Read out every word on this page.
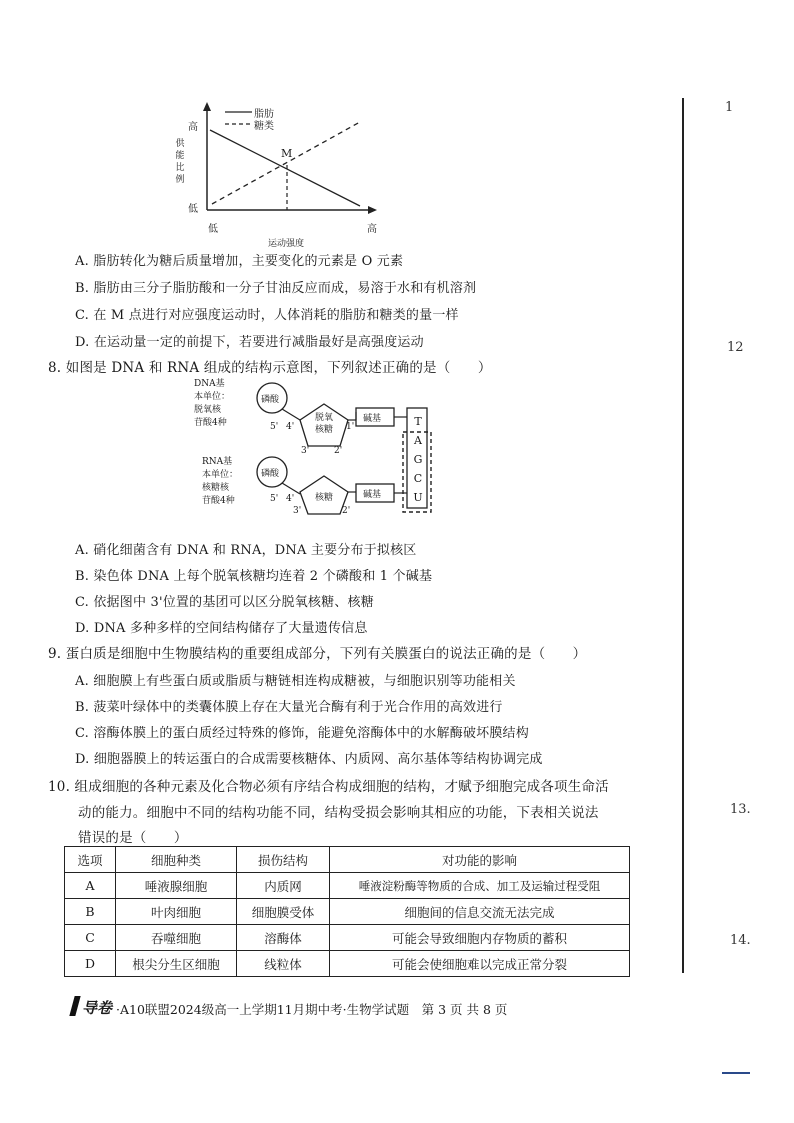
脂肪
糖类
M
高
低
供
能
比
例
低	高
运动强度
A. 脂肪转化为糖后质量增加，主要变化的元素是 O 元素
B. 脂肪由三分子脂肪酸和一分子甘油反应而成，易溶于水和有机溶剂
C. 在 M 点进行对应强度运动时，人体消耗的脂肪和糖类的量一样
D. 在运动量一定的前提下，若要进行减脂最好是高强度运动
8. 如图是 DNA 和 RNA 组成的结构示意图，下列叙述正确的是（　　）
DNA基
本单位：
脱氧核
苷酸4种
磷酸
脱氧
核糖
碱基
5' 4'
3'	2'
1'	T
A
G
C
U
RNA基
本单位：
核糖核
苷酸4种
磷酸
核糖	碱基
5' 4'
3'	2'
A. 硝化细菌含有 DNA 和 RNA，DNA 主要分布于拟核区
B. 染色体 DNA 上每个脱氧核糖均连着 2 个磷酸和 1 个碱基
C. 依据图中 3'位置的基团可以区分脱氧核糖、核糖
D. DNA 多种多样的空间结构储存了大量遗传信息
9. 蛋白质是细胞中生物膜结构的重要组成部分，下列有关膜蛋白的说法正确的是（　　）
A. 细胞膜上有些蛋白质或脂质与糖链相连构成糖被，与细胞识别等功能相关
B. 菠菜叶绿体中的类囊体膜上存在大量光合酶有利于光合作用的高效进行
C. 溶酶体膜上的蛋白质经过特殊的修饰，能避免溶酶体中的水解酶破坏膜结构
D. 细胞器膜上的转运蛋白的合成需要核糖体、内质网、高尔基体等结构协调完成
10. 组成细胞的各种元素及化合物必须有序结合构成细胞的结构，才赋予细胞完成各项生命活
动的能力。细胞中不同的结构功能不同，结构受损会影响其相应的功能，下表相关说法
错误的是（　　）
选项	细胞种类	损伤结构	对功能的影响
A	唾液腺细胞	内质网	唾液淀粉酶等物质的合成、加工及运输过程受阻
B	叶肉细胞	细胞膜受体	细胞间的信息交流无法完成
C	吞噬细胞	溶酶体	可能会导致细胞内存物质的蓄积
D	根尖分生区细胞	线粒体	可能会使细胞难以完成正常分裂
1
12
13.
14.
导卷 ·A10联盟2024级高一上学期11月期中考·生物学试题　第 3 页 共 8 页
